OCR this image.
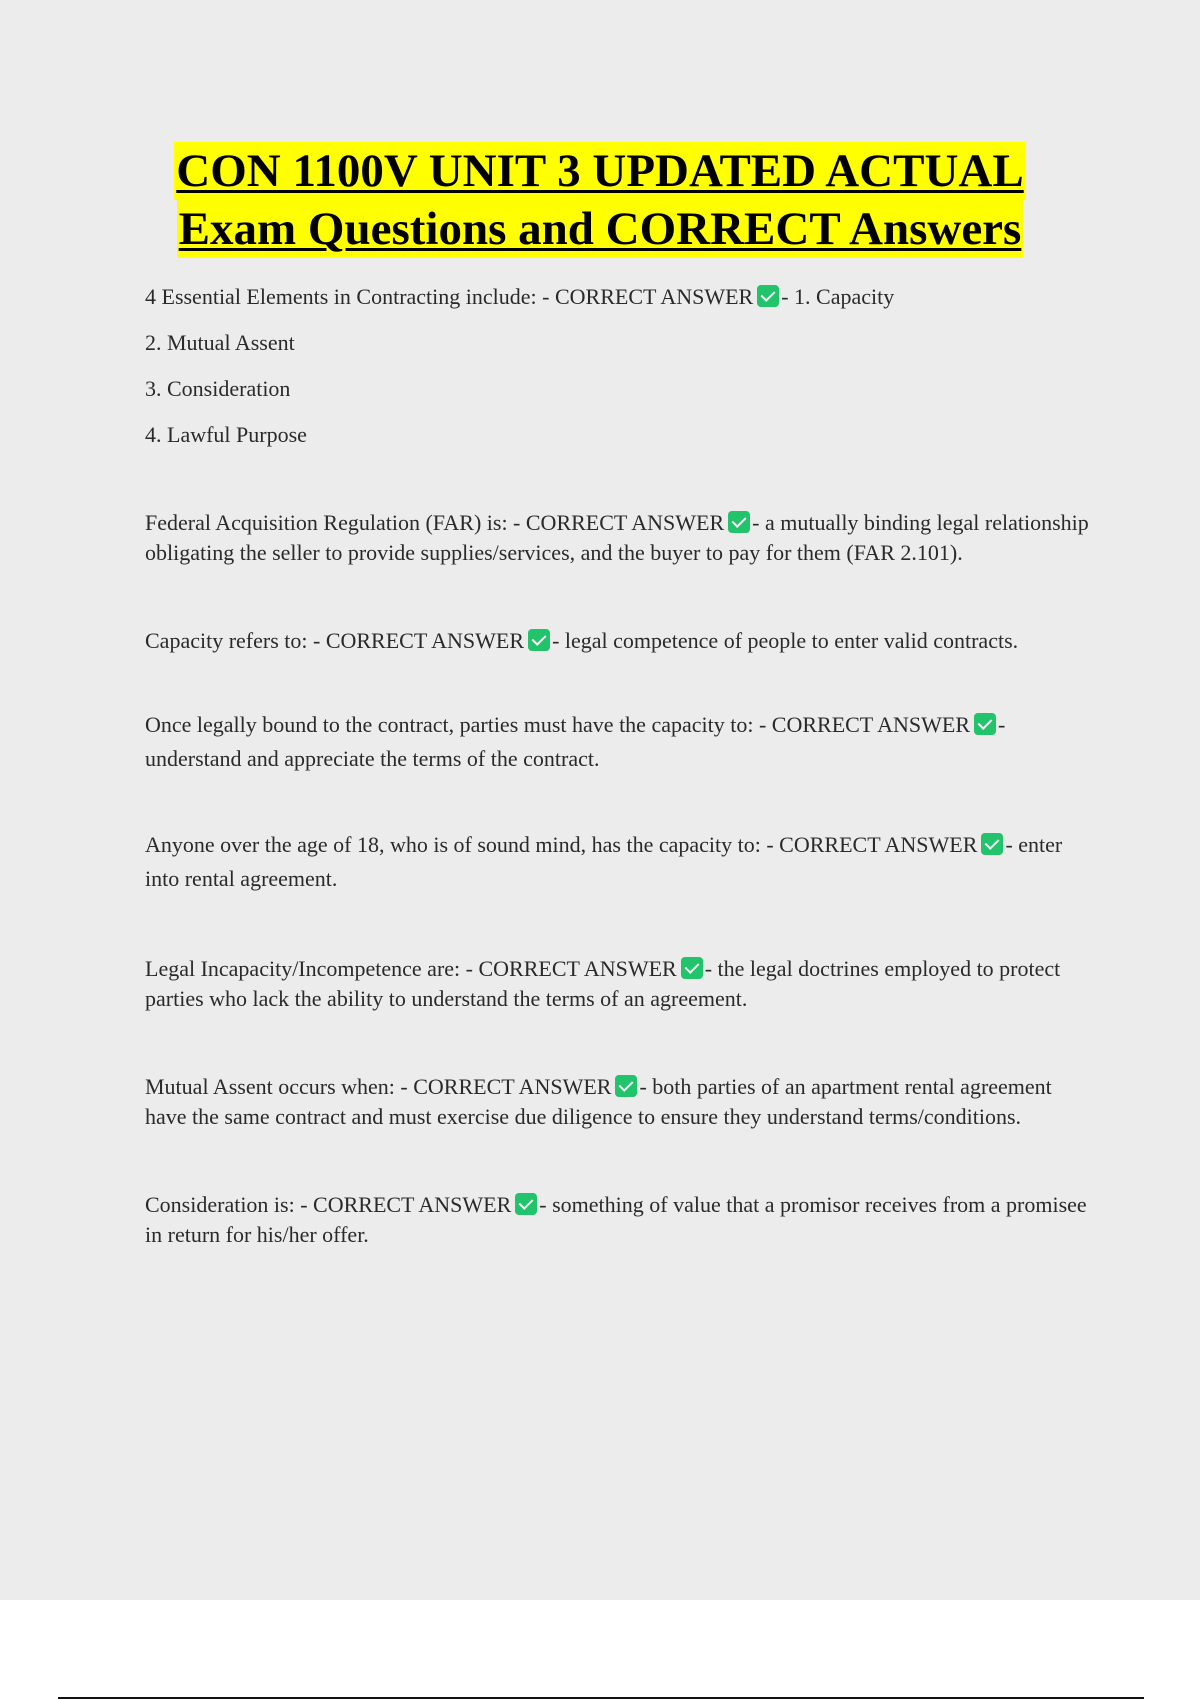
CON 1100V UNIT 3 UPDATED ACTUAL
Exam Questions and CORRECT Answers
4 Essential Elements in Contracting include: - CORRECT ANSWER - 1. Capacity
2. Mutual Assent
3. Consideration
4. Lawful Purpose
Federal Acquisition Regulation (FAR) is: - CORRECT ANSWER - a mutually binding legal relationship obligating the seller to provide supplies/services, and the buyer to pay for them (FAR 2.101).
Capacity refers to: - CORRECT ANSWER - legal competence of people to enter valid contracts.
Once legally bound to the contract, parties must have the capacity to: - CORRECT ANSWER - understand and appreciate the terms of the contract.
Anyone over the age of 18, who is of sound mind, has the capacity to: - CORRECT ANSWER - enter into rental agreement.
Legal Incapacity/Incompetence are: - CORRECT ANSWER - the legal doctrines employed to protect parties who lack the ability to understand the terms of an agreement.
Mutual Assent occurs when: - CORRECT ANSWER - both parties of an apartment rental agreement have the same contract and must exercise due diligence to ensure they understand terms/conditions.
Consideration is: - CORRECT ANSWER - something of value that a promisor receives from a promisee in return for his/her offer.
